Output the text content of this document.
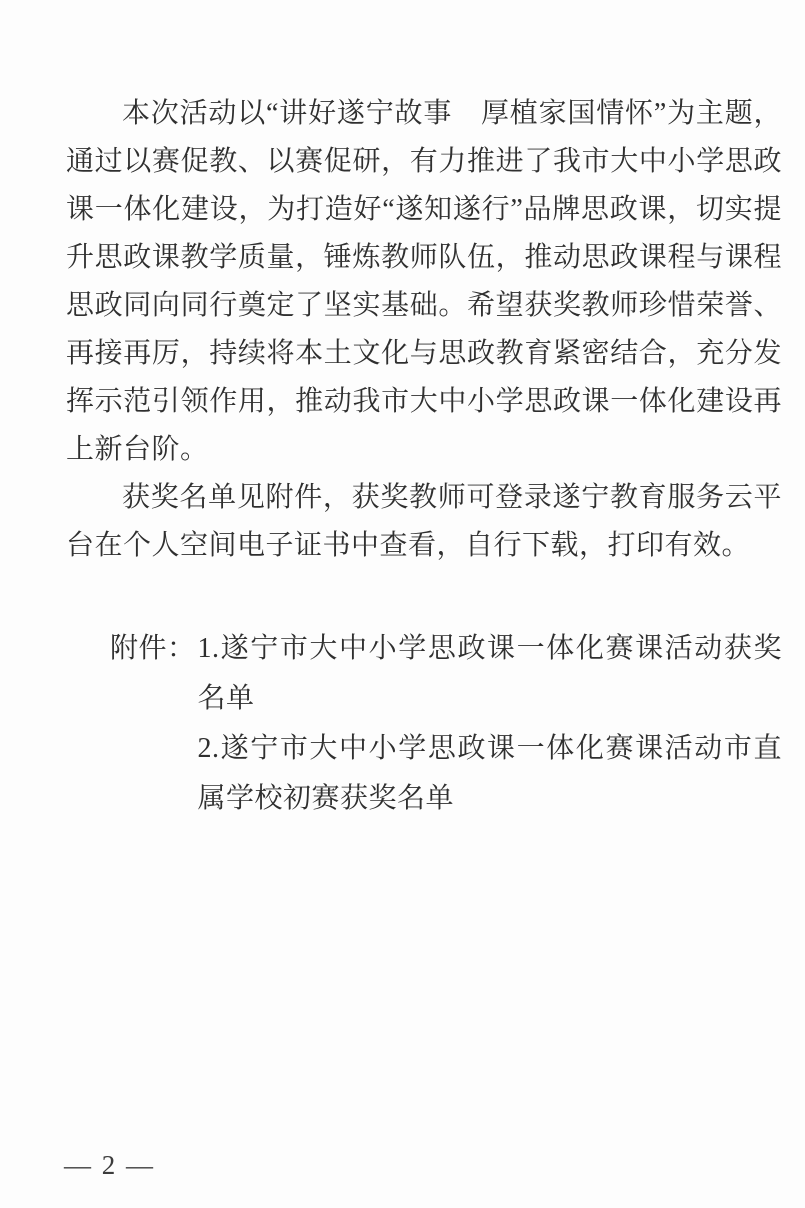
本次活动以“讲好遂宁故事　厚植家国情怀”为主题，通过以赛促教、以赛促研，有力推进了我市大中小学思政课一体化建设，为打造好“遂知遂行”品牌思政课，切实提升思政课教学质量，锤炼教师队伍，推动思政课程与课程思政同向同行奠定了坚实基础。希望获奖教师珍惜荣誉、再接再厉，持续将本土文化与思政教育紧密结合，充分发挥示范引领作用，推动我市大中小学思政课一体化建设再上新台阶。

获奖名单见附件，获奖教师可登录遂宁教育服务云平台在个人空间电子证书中查看，自行下载，打印有效。

附件： 1.遂宁市大中小学思政课一体化赛课活动获奖名单

2.遂宁市大中小学思政课一体化赛课活动市直属学校初赛获奖名单

— 2 —
